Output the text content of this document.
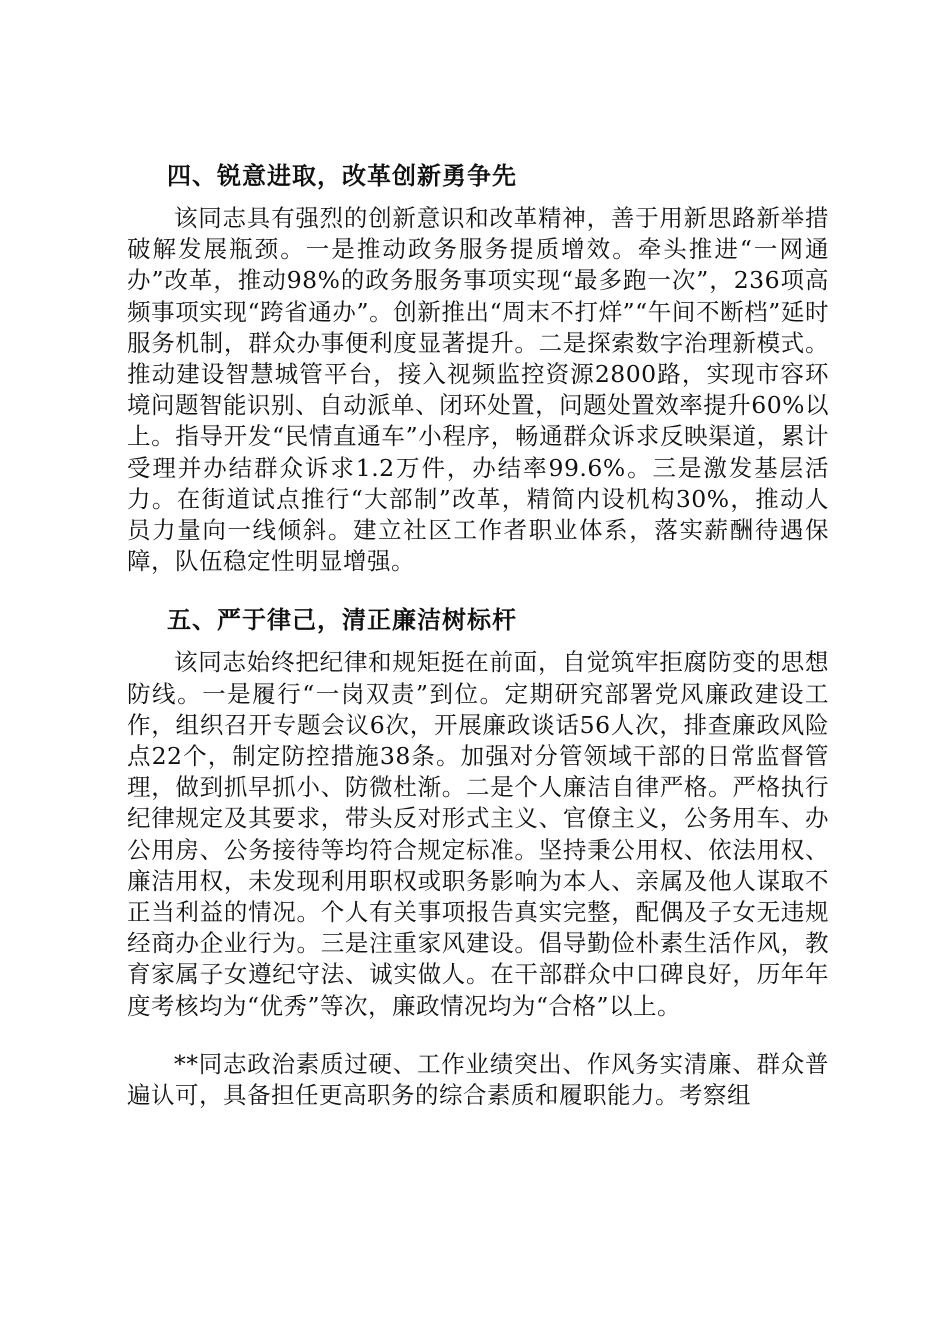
四、锐意进取，改革创新勇争先

该同志具有强烈的创新意识和改革精神，善于用新思路新举措破解发展瓶颈。一是推动政务服务提质增效。牵头推进“一网通办”改革，推动98%的政务服务事项实现“最多跑一次”，236项高频事项实现“跨省通办”。创新推出“周末不打烊”“午间不断档”延时服务机制，群众办事便利度显著提升。二是探索数字治理新模式。推动建设智慧城管平台，接入视频监控资源2800路，实现市容环境问题智能识别、自动派单、闭环处置，问题处置效率提升60%以上。指导开发“民情直通车”小程序，畅通群众诉求反映渠道，累计受理并办结群众诉求1.2万件，办结率99.6%。三是激发基层活力。在街道试点推行“大部制”改革，精简内设机构30%，推动人员力量向一线倾斜。建立社区工作者职业体系，落实薪酬待遇保障，队伍稳定性明显增强。

五、严于律己，清正廉洁树标杆

该同志始终把纪律和规矩挺在前面，自觉筑牢拒腐防变的思想防线。一是履行“一岗双责”到位。定期研究部署党风廉政建设工作，组织召开专题会议6次，开展廉政谈话56人次，排查廉政风险点22个，制定防控措施38条。加强对分管领域干部的日常监督管理，做到抓早抓小、防微杜渐。二是个人廉洁自律严格。严格执行纪律规定及其要求，带头反对形式主义、官僚主义，公务用车、办公用房、公务接待等均符合规定标准。坚持秉公用权、依法用权、廉洁用权，未发现利用职权或职务影响为本人、亲属及他人谋取不正当利益的情况。个人有关事项报告真实完整，配偶及子女无违规经商办企业行为。三是注重家风建设。倡导勤俭朴素生活作风，教育家属子女遵纪守法、诚实做人。在干部群众中口碑良好，历年年度考核均为“优秀”等次，廉政情况均为“合格”以上。

**同志政治素质过硬、工作业绩突出、作风务实清廉、群众普遍认可，具备担任更高职务的综合素质和履职能力。考察组
